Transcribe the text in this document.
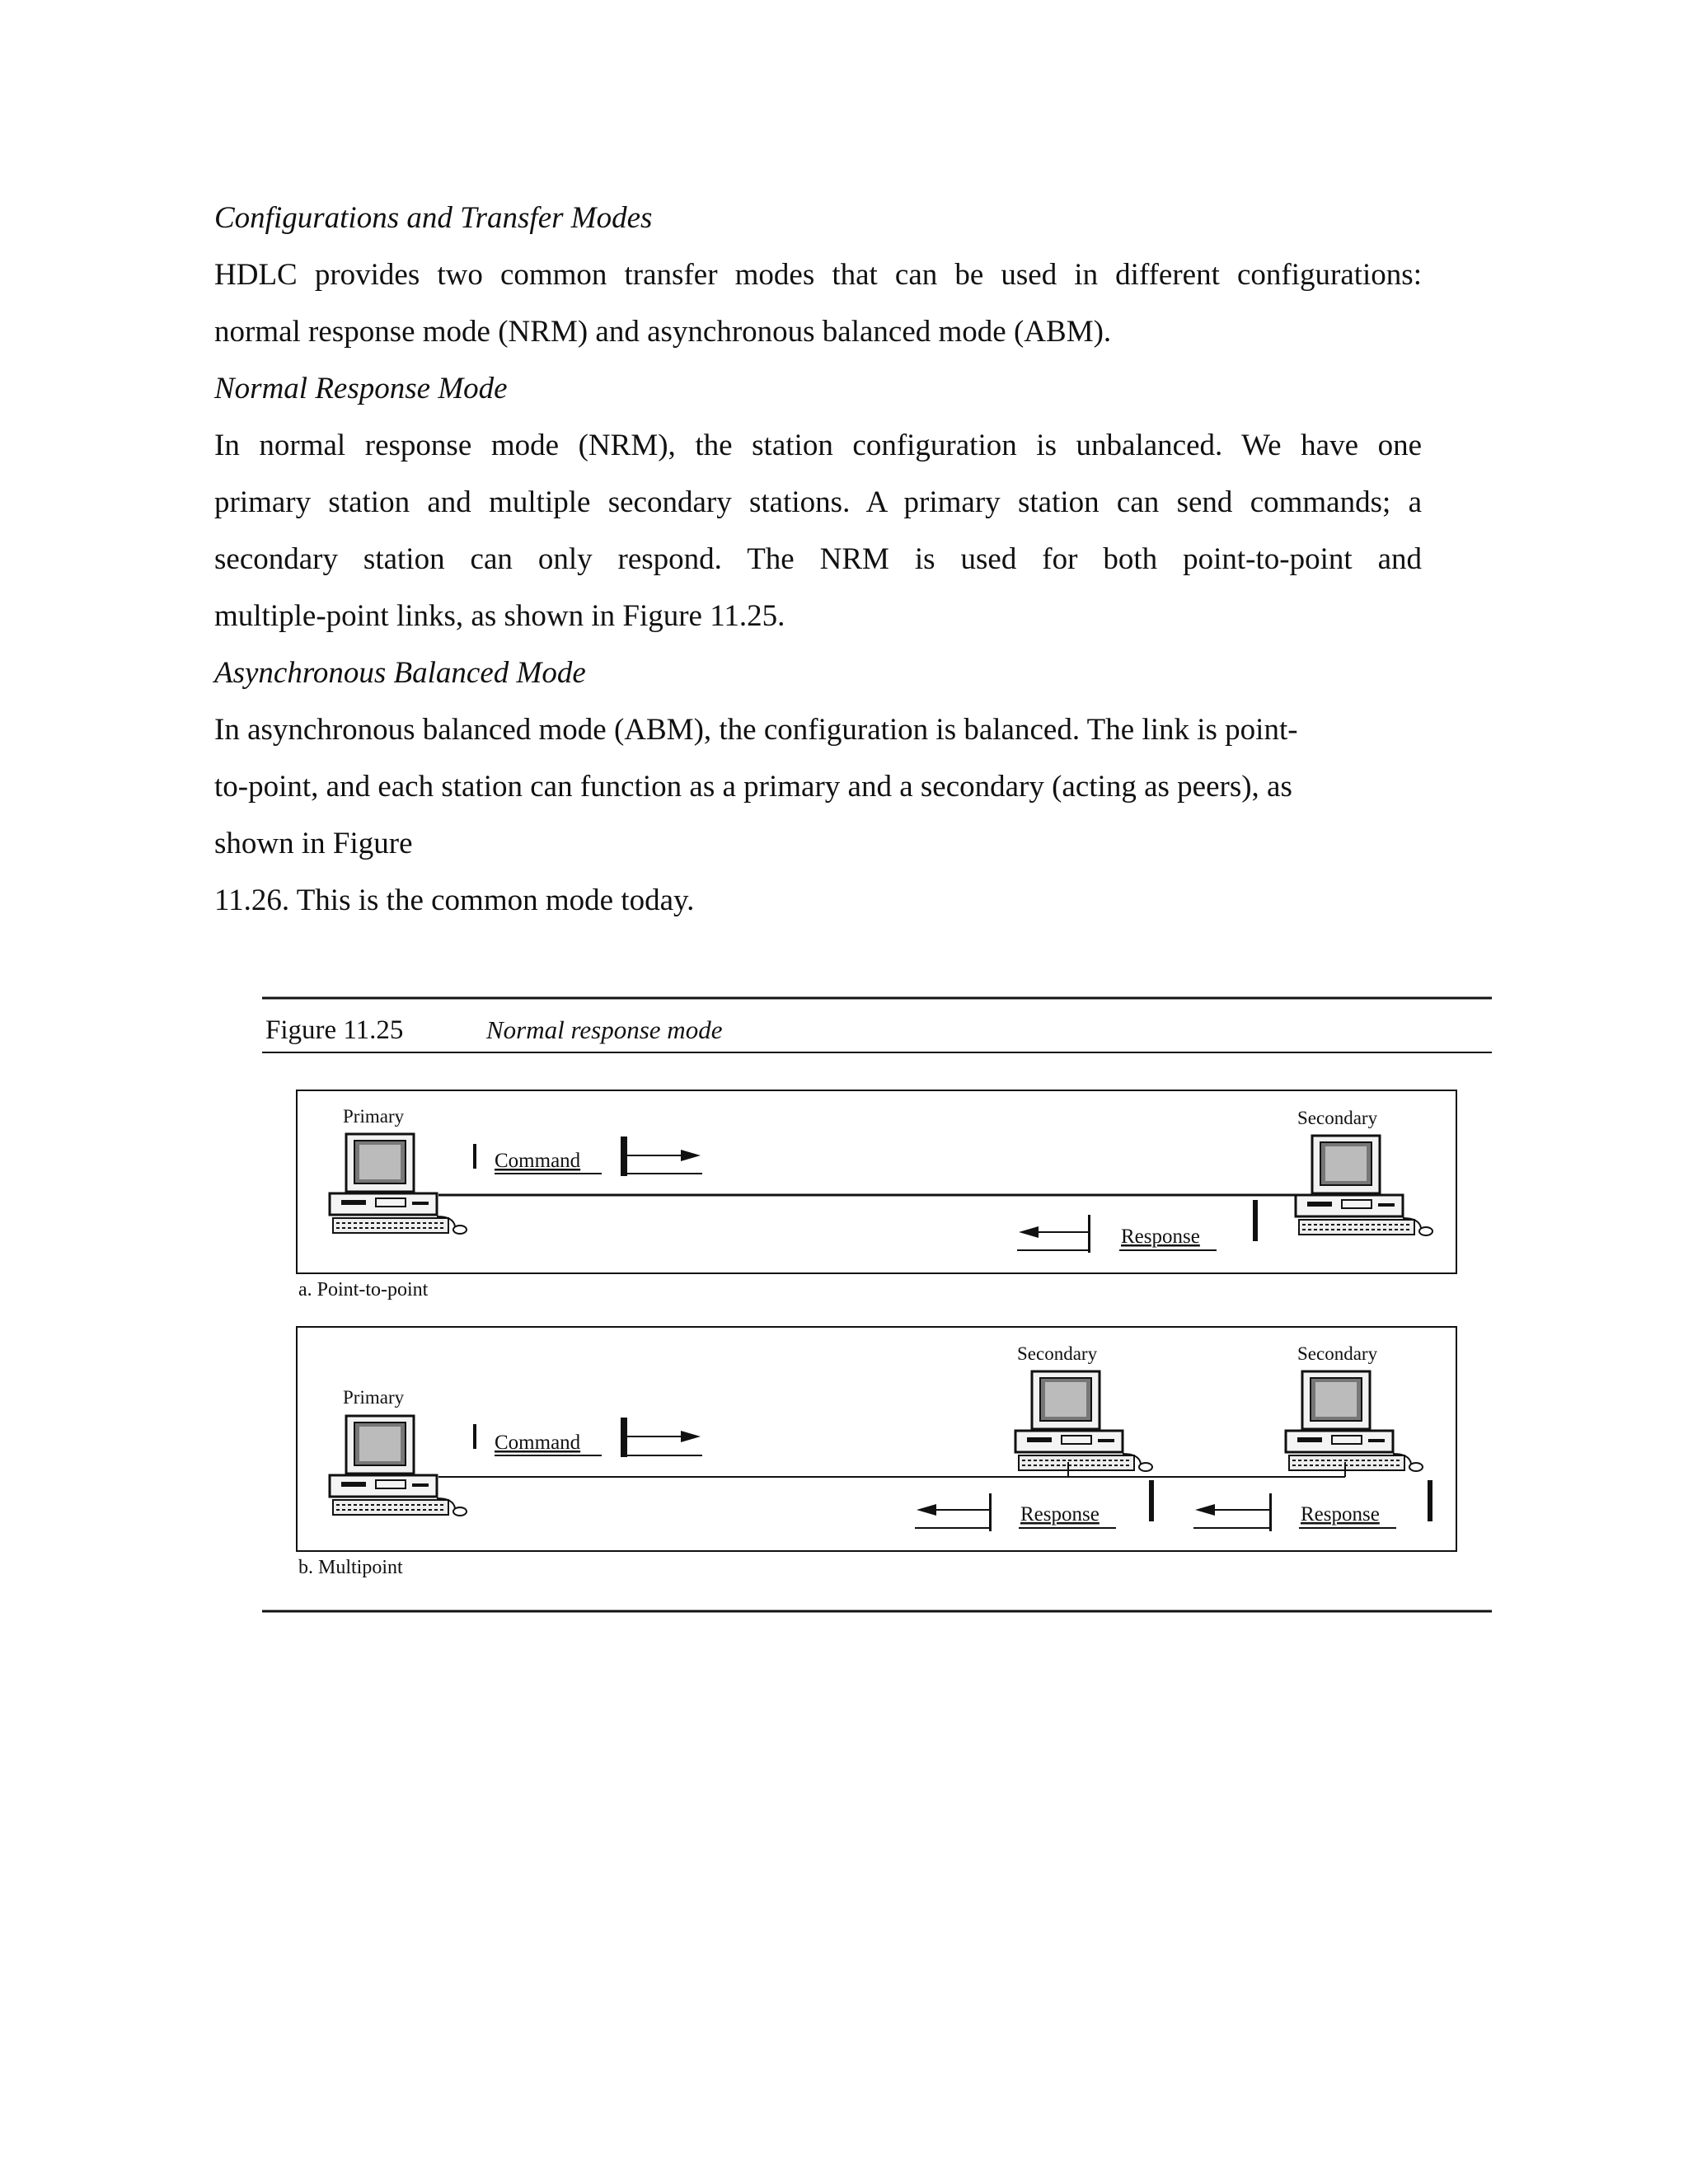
Configurations and Transfer Modes
HDLC provides two common transfer modes that can be used in different configurations:
normal response mode (NRM) and asynchronous balanced mode (ABM).
Normal Response Mode
In normal response mode (NRM), the station configuration is unbalanced. We have one
primary station and multiple secondary stations. A primary station can send commands; a
secondary station can only respond. The NRM is used for both point-to-point and
multiple-point links, as shown in Figure 11.25.
Asynchronous Balanced Mode
In asynchronous balanced mode (ABM), the configuration is balanced. The link is point-
to-point, and each station can function as a primary and a secondary (acting as peers), as
shown in Figure
11.26. This is the common mode today.
Figure 11.25	Normal response mode
Primary	Secondary
Command
Response
a. Point-to-point
Primary
Secondary	Secondary
Command
Response	Response
b. Multipoint
